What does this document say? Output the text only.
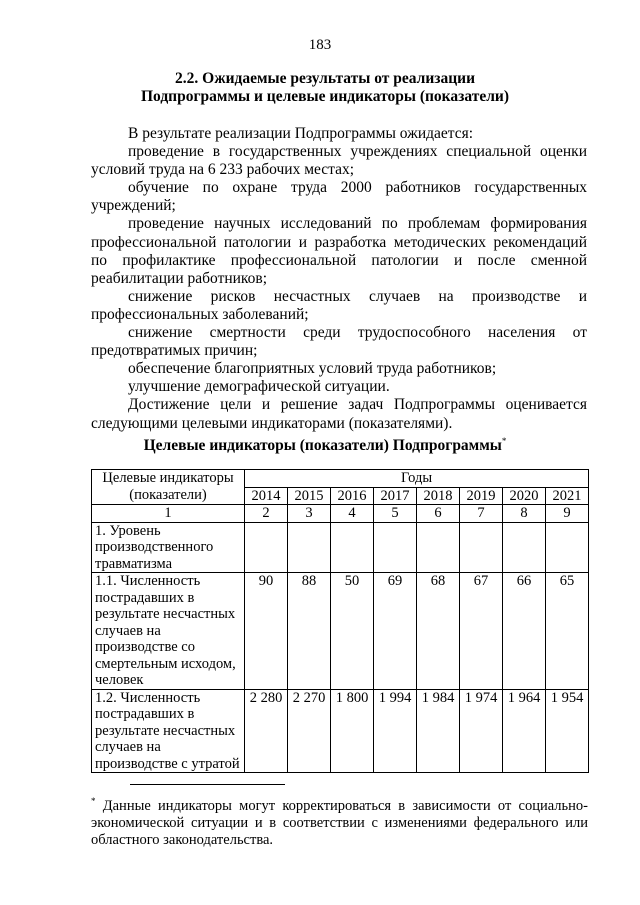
183
2.2. Ожидаемые результаты от реализации
Подпрограммы и целевые индикаторы (показатели)

В результате реализации Подпрограммы ожидается:

проведение в государственных учреждениях специальной оценки условий труда на 6 233 рабочих местах;

обучение по охране труда 2000 работников государственных учреждений;

проведение научных исследований по проблемам формирования профессиональной патологии и разработка методических рекомендаций по профилактике профессиональной патологии и после сменной реабилитации работников;

снижение рисков несчастных случаев на производстве и профессиональных заболеваний;

снижение смертности среди трудоспособного населения от предотвратимых причин;

обеспечение благоприятных условий труда работников;

улучшение демографической ситуации.

Достижение цели и решение задач Подпрограммы оценивается следующими целевыми индикаторами (показателями).

Целевые индикаторы (показатели) Подпрограммы*
Целевые индикаторы (показатели)	Годы							
	2014	2015	2016	2017	2018	2019	2020	2021
1	2	3	4	5	6	7	8	9
1. Уровень производственного травматизма								
1.1. Численность пострадавших в результате несчастных случаев на производстве со смертельным исходом, человек	90	88	50	69	68	67	66	65
1.2. Численность пострадавших в результате несчастных случаев на производстве с утратой	2 280	2 270	1 800	1 994	1 984	1 974	1 964	1 954
* Данные индикаторы могут корректироваться в зависимости от социально-экономической ситуации и в соответствии с изменениями федерального или областного законодательства.
